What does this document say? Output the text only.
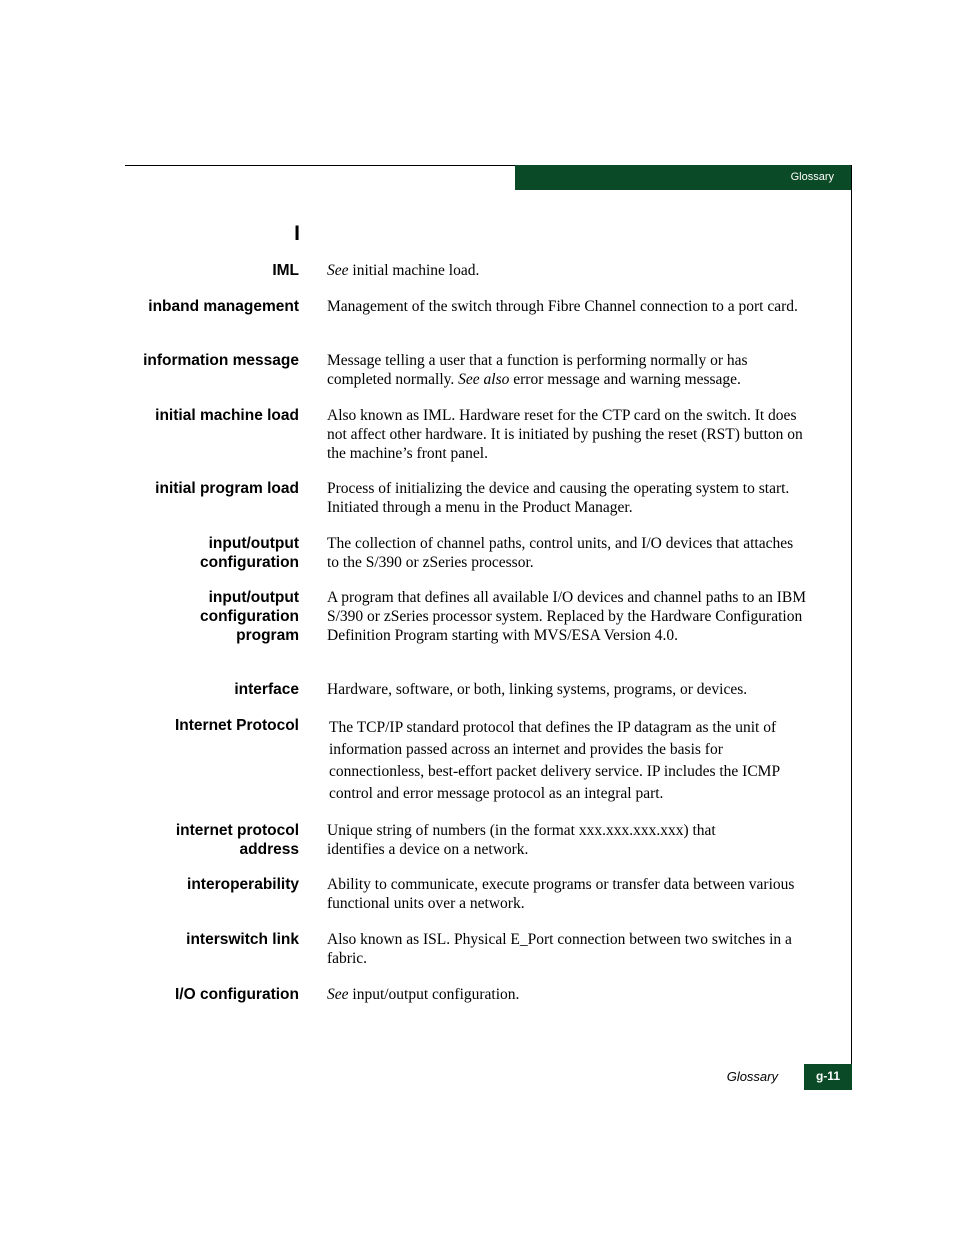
Glossary
I
IML See initial machine load.
inband management Management of the switch through Fibre Channel connection to a port card.
information message Message telling a user that a function is performing normally or has completed normally. See also error message and warning message.
initial machine load Also known as IML. Hardware reset for the CTP card on the switch. It does not affect other hardware. It is initiated by pushing the reset (RST) button on the machine’s front panel.
initial program load Process of initializing the device and causing the operating system to start. Initiated through a menu in the Product Manager.
input/output configuration
The collection of channel paths, control units, and I/O devices that attaches to the S/390 or zSeries processor.
input/output configuration program
A program that defines all available I/O devices and channel paths to an IBM S/390 or zSeries processor system. Replaced by the Hardware Configuration Definition Program starting with MVS/ESA Version 4.0.
interface Hardware, software, or both, linking systems, programs, or devices.
Internet Protocol The TCP/IP standard protocol that defines the IP datagram as the unit of information passed across an internet and provides the basis for connectionless, best-effort packet delivery service. IP includes the ICMP control and error message protocol as an integral part.
internet protocol address
Unique string of numbers (in the format xxx.xxx.xxx.xxx) that identifies a device on a network.
interoperability Ability to communicate, execute programs or transfer data between various functional units over a network.
interswitch link Also known as ISL. Physical E_Port connection between two switches in a fabric.
I/O configuration See input/output configuration.
Glossary	g-11
